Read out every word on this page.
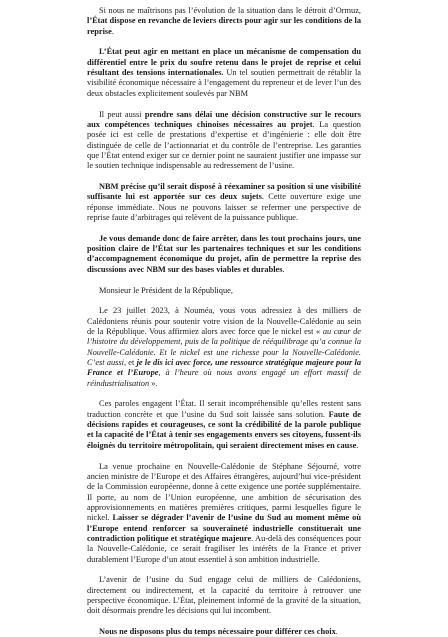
Si nous ne maîtrisons pas l’évolution de la situation dans le détroit d’Ormuz, l’État dispose en revanche de leviers directs pour agir sur les conditions de la reprise.

L’État peut agir en mettant en place un mécanisme de compensation du différentiel entre le prix du soufre retenu dans le projet de reprise et celui résultant des tensions internationales. Un tel soutien permettrait de rétablir la visibilité économique nécessaire à l’engagement du repreneur et de lever l’un des deux obstacles explicitement soulevés par NBM

Il peut aussi prendre sans délai une décision constructive sur le recours aux compétences techniques chinoises nécessaires au projet. La question posée ici est celle de prestations d’expertise et d’ingénierie : elle doit être distinguée de celle de l’actionnariat et du contrôle de l’entreprise. Les garanties que l’État entend exiger sur ce dernier point ne sauraient justifier une impasse sur le soutien technique indispensable au redressement de l’usine.

NBM précise qu’il serait disposé à réexaminer sa position si une visibilité suffisante lui est apportée sur ces deux sujets. Cette ouverture exige une réponse immédiate. Nous ne pouvons laisser se refermer une perspective de reprise faute d’arbitrages qui relèvent de la puissance publique.

Je vous demande donc de faire arrêter, dans les tout prochains jours, une position claire de l’État sur les partenaires techniques et sur les conditions d’accompagnement économique du projet, afin de permettre la reprise des discussions avec NBM sur des bases viables et durables.

Monsieur le Président de la République,

Le 23 juillet 2023, à Nouméa, vous vous adressiez à des milliers de Calédoniens réunis pour soutenir votre vision de la Nouvelle-Calédonie au sein de la République. Vous affirmiez alors avec force que le nickel est « au cœur de l’histoire du développement, puis de la politique de rééquilibrage qu’a connue la Nouvelle-Calédonie. Et le nickel est une richesse pour la Nouvelle-Calédonie. C’est aussi, et je le dis ici avec force, une ressource stratégique majeure pour la France et l’Europe, à l’heure où nous avons engagé un effort massif de réindustrialisation ».

Ces paroles engagent l’État. Il serait incompréhensible qu’elles restent sans traduction concrète et que l’usine du Sud soit laissée sans solution. Faute de décisions rapides et courageuses, ce sont la crédibilité de la parole publique et la capacité de l’État à tenir ses engagements envers ses citoyens, fussent-ils éloignés du territoire métropolitain, qui seraient directement mises en cause.

La venue prochaine en Nouvelle-Calédonie de Stéphane Séjourné, votre ancien ministre de l’Europe et des Affaires étrangères, aujourd’hui vice-président de la Commission européenne, donne à cette exigence une portée supplémentaire. Il porte, au nom de l’Union européenne, une ambition de sécurisation des approvisionnements en matières premières critiques, parmi lesquelles figure le nickel. Laisser se dégrader l’avenir de l’usine du Sud au moment même où l’Europe entend renforcer sa souveraineté industrielle constituerait une contradiction politique et stratégique majeure. Au-delà des conséquences pour la Nouvelle-Calédonie, ce serait fragiliser les intérêts de la France et priver durablement l’Europe d’un atout essentiel à son ambition industrielle.

L’avenir de l’usine du Sud engage celui de milliers de Calédoniens, directement ou indirectement, et la capacité du territoire à retrouver une perspective économique. L’État, pleinement informé de la gravité de la situation, doit désormais prendre les décisions qui lui incombent.

Nous ne disposons plus du temps nécessaire pour différer ces choix.
